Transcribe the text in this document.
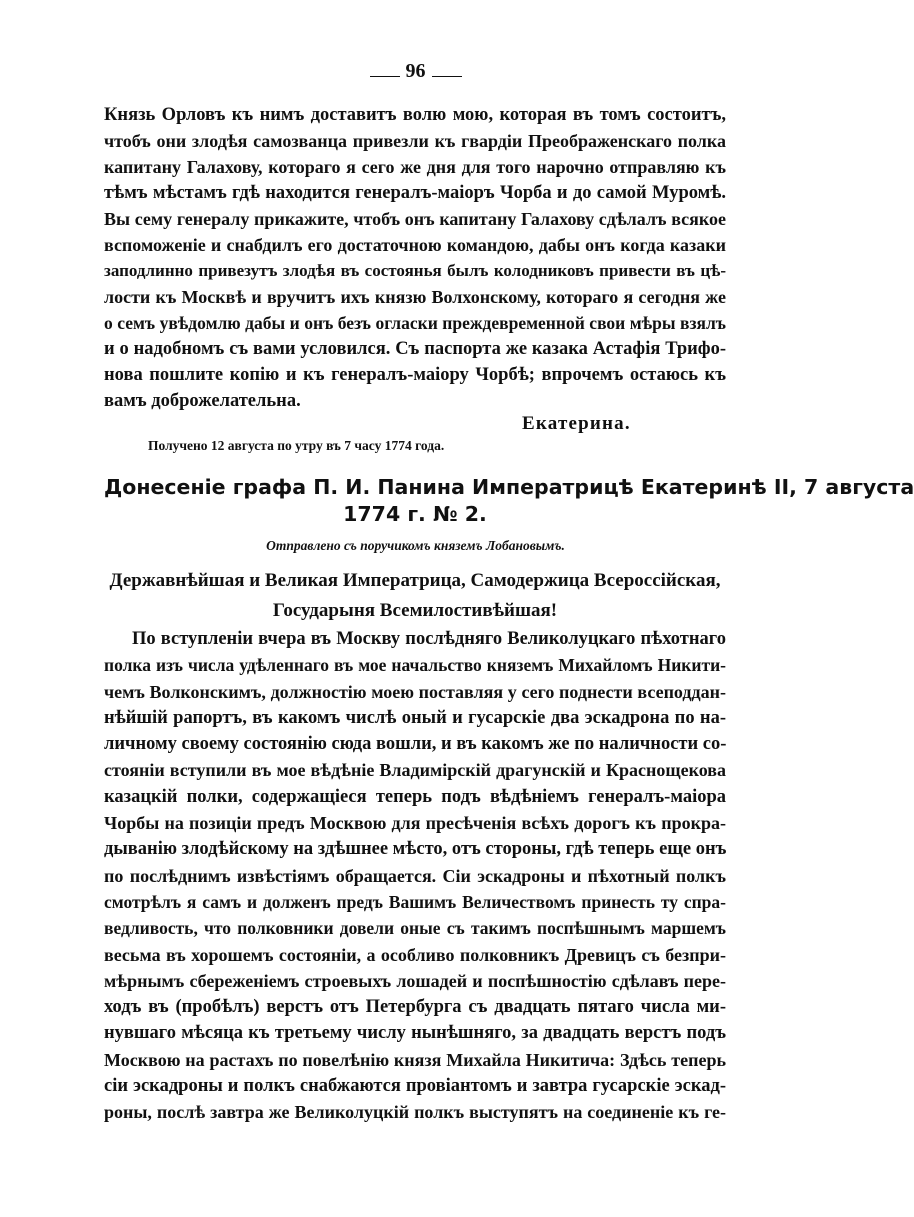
96
Князь Орловъ къ нимъ доставитъ волю мою, которая въ томъ состоитъ,
чтобъ они злодѣя самозванца привезли къ гвардіи Преображенскаго полка
капитану Галахову, котораго я сего же дня для того нарочно отправляю къ
тѣмъ мѣстамъ гдѣ находится генералъ-маіоръ Чорба и до самой Муромѣ.
Вы сему генералу прикажите, чтобъ онъ капитану Галахову сдѣлалъ всякое
вспоможеніе и снабдилъ его достаточною командою, дабы онъ когда казаки
заподлинно привезутъ злодѣя въ состоянья былъ колодниковъ привести въ цѣ-
лости къ Москвѣ и вручитъ ихъ князю Волхонскому, котораго я сегодня же
о семъ увѣдомлю дабы и онъ безъ огласки преждевременной свои мѣры взялъ
и о надобномъ съ вами условился. Съ паспорта же казака Астафія Трифо-
нова пошлите копію и къ генералъ-маіору Чорбѣ; впрочемъ остаюсь къ
вамъ доброжелательна.
Екатерина.
Получено 12 августа по утру въ 7 часу 1774 года.
Донесеніе графа П. И. Панина Императрицѣ Екатеринѣ II, 7 августа
1774 г. № 2.
Отправлено съ поручикомъ княземъ Лобановымъ.
Державнѣйшая и Великая Императрица, Самодержица Всероссійская,
Государыня Всемилостивѣйшая!
По вступленіи вчера въ Москву послѣдняго Великолуцкаго пѣхотнаго
полка изъ числа удѣленнаго въ мое начальство княземъ Михайломъ Никити-
чемъ Волконскимъ, должностію моею поставляя у сего поднести всеподдан-
нѣйшій рапортъ, въ какомъ числѣ оный и гусарскіе два эскадрона по на-
личному своему состоянію сюда вошли, и въ какомъ же по наличности со-
стояніи вступили въ мое вѣдѣніе Владимірскій драгунскій и Краснощекова
казацкій полки, содержащіеся теперь подъ вѣдѣніемъ генералъ-маіора
Чорбы на позиціи предъ Москвою для пресѣченія всѣхъ дорогъ къ прокра-
дыванію злодѣйскому на здѣшнее мѣсто, отъ стороны, гдѣ теперь еще онъ
по послѣднимъ извѣстіямъ обращается. Сіи эскадроны и пѣхотный полкъ
смотрѣлъ я самъ и долженъ предъ Вашимъ Величествомъ принесть ту спра-
ведливость, что полковники довели оные съ такимъ поспѣшнымъ маршемъ
весьма въ хорошемъ состояніи, а особливо полковникъ Древицъ съ безпри-
мѣрнымъ сбереженіемъ строевыхъ лошадей и поспѣшностію сдѣлавъ пере-
ходъ въ (пробѣлъ) верстъ отъ Петербурга съ двадцать пятаго числа ми-
нувшаго мѣсяца къ третьему числу нынѣшняго, за двадцать верстъ подъ
Москвою на растахъ по повелѣнію князя Михайла Никитича: Здѣсь теперь
сіи эскадроны и полкъ снабжаются провіантомъ и завтра гусарскіе эскад-
роны, послѣ завтра же Великолуцкій полкъ выступятъ на соединеніе къ ге-
